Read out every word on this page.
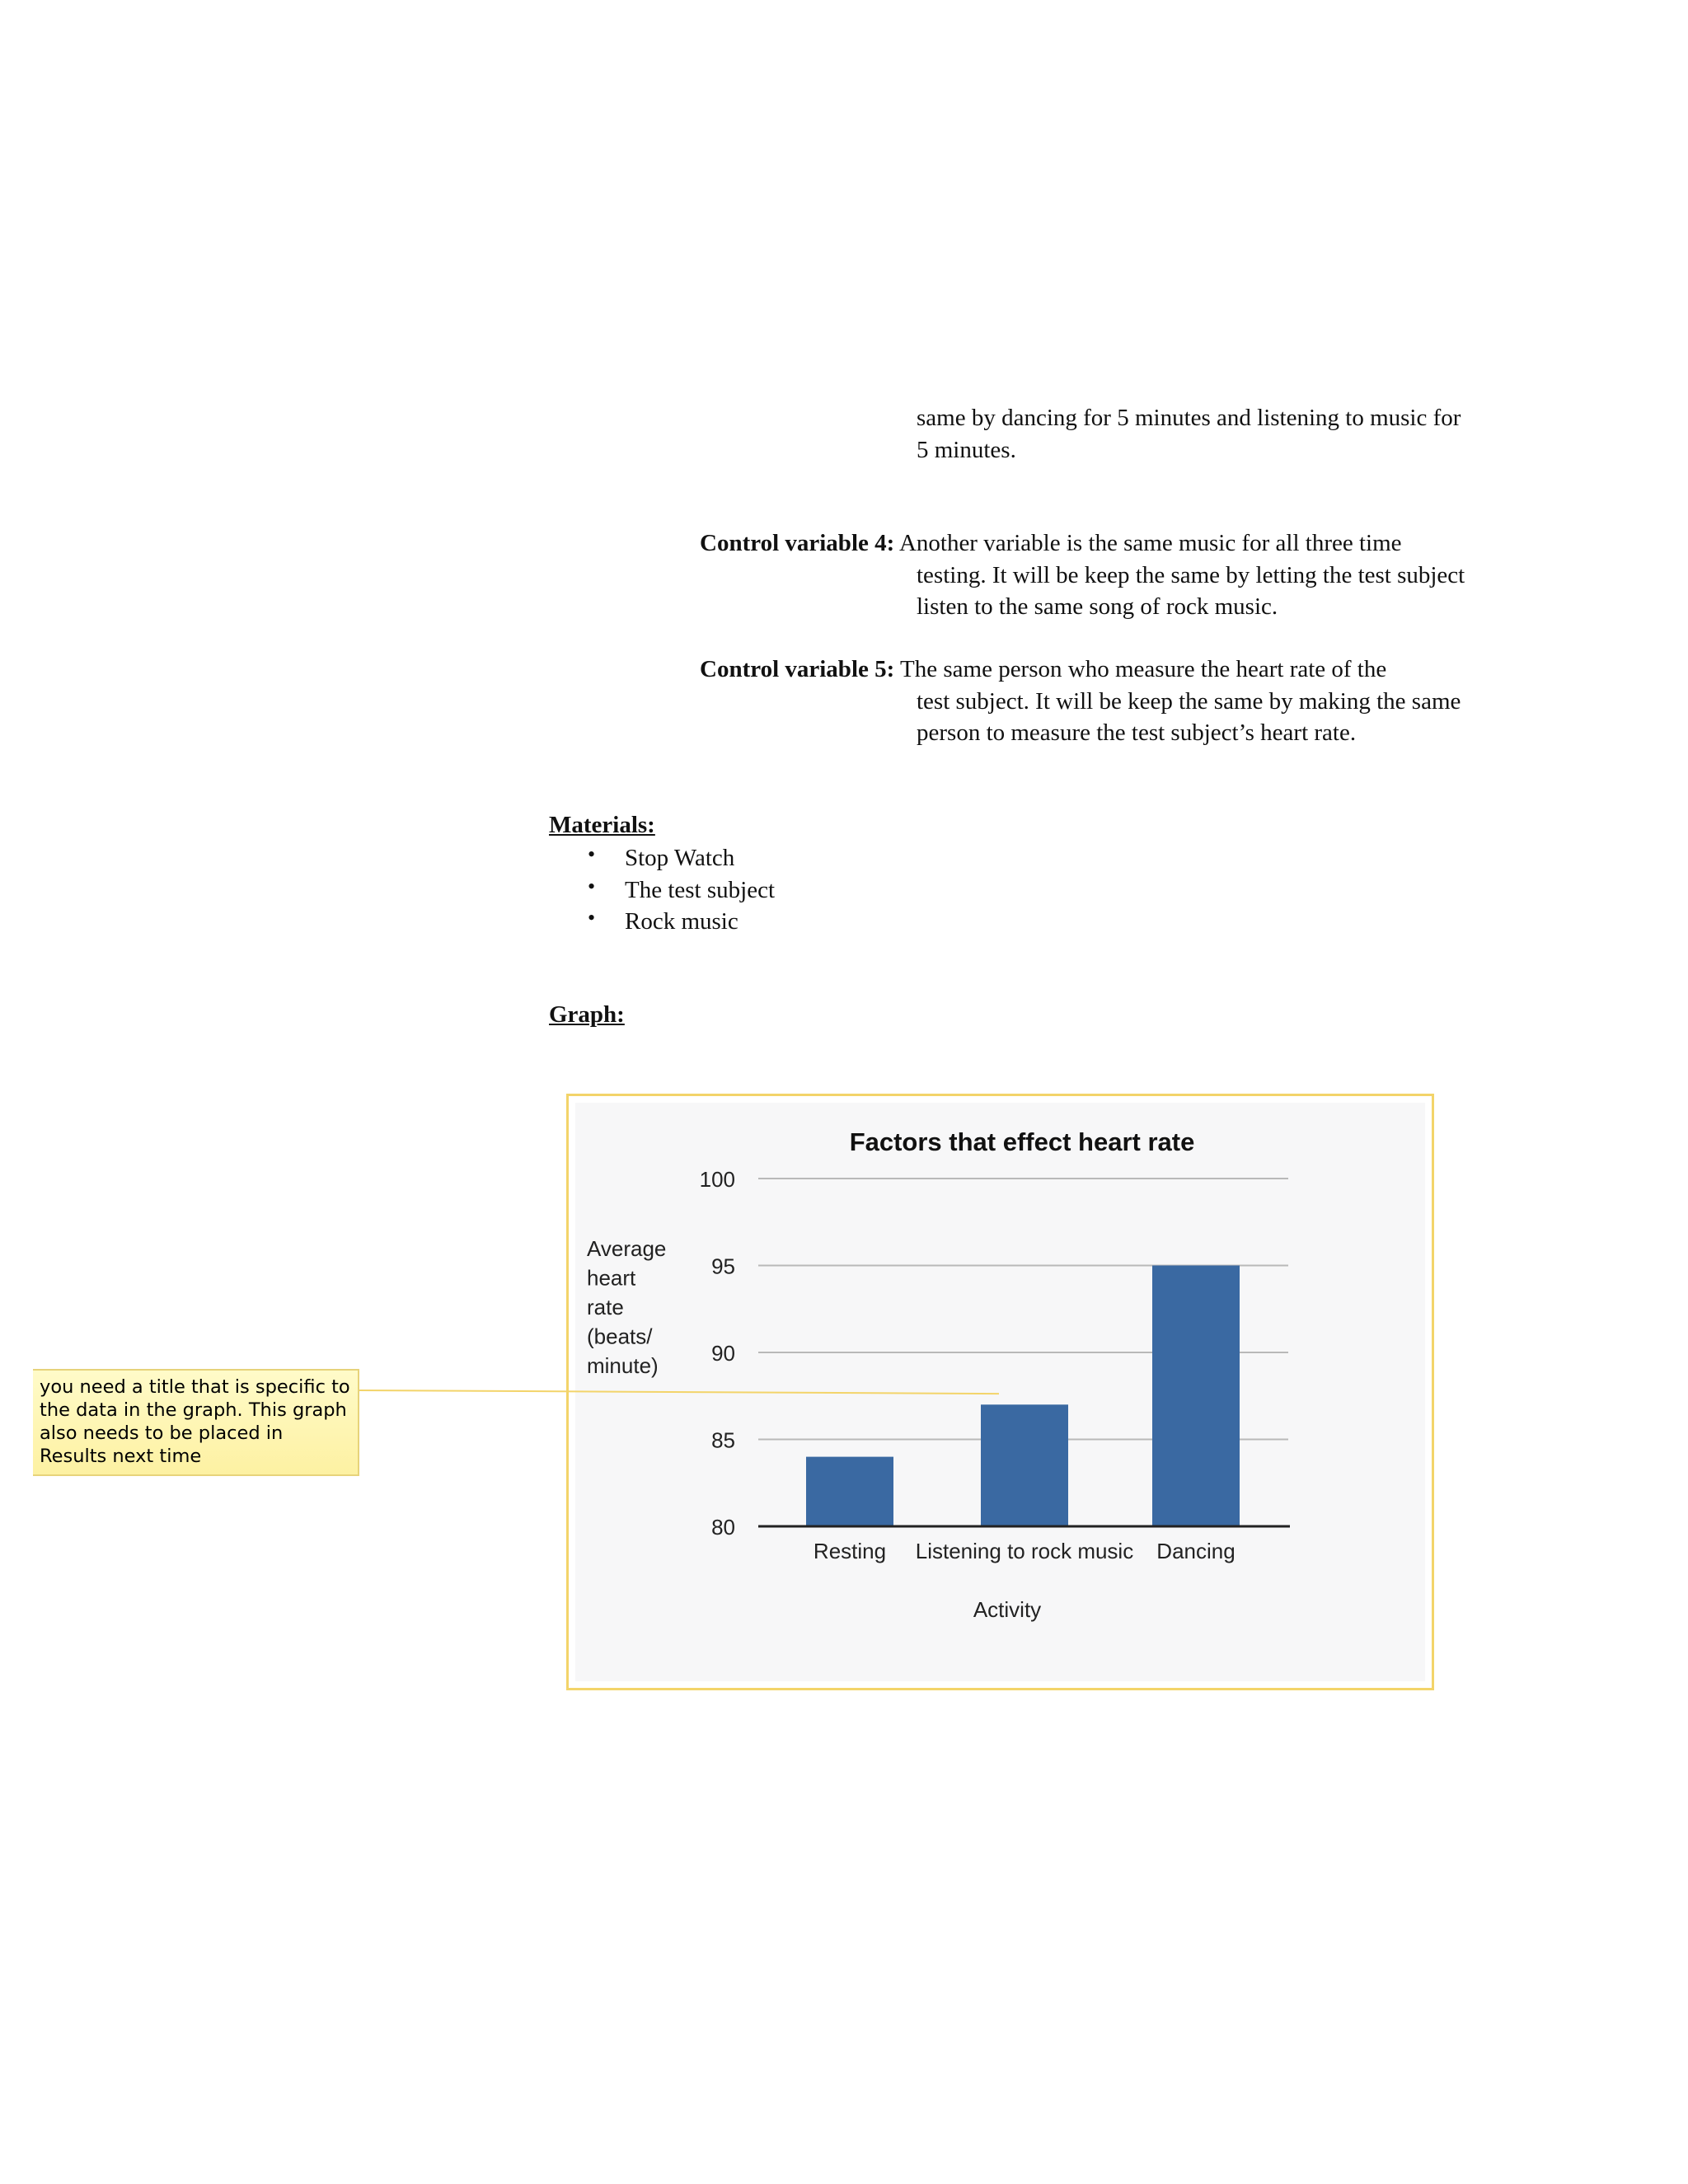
same by dancing for 5 minutes and listening to music for 5 minutes.
Control variable 4: Another variable is the same music for all three time
testing. It will be keep the same by letting the test subject listen to the same song of rock music.
Control variable 5: The same person who measure the heart rate of the
test subject. It will be keep the same by making the same person to measure the test subject’s heart rate.
Materials:
• Stop Watch
• The test subject
• Rock music
Graph:
Factors that effect heart rate
100
95
90
85
80
Average
heart
rate
(beats/
minute)
Resting Listening to rock music Dancing
Activity
you need a title that is specific to the data in the graph. This graph also needs to be placed in Results next time
